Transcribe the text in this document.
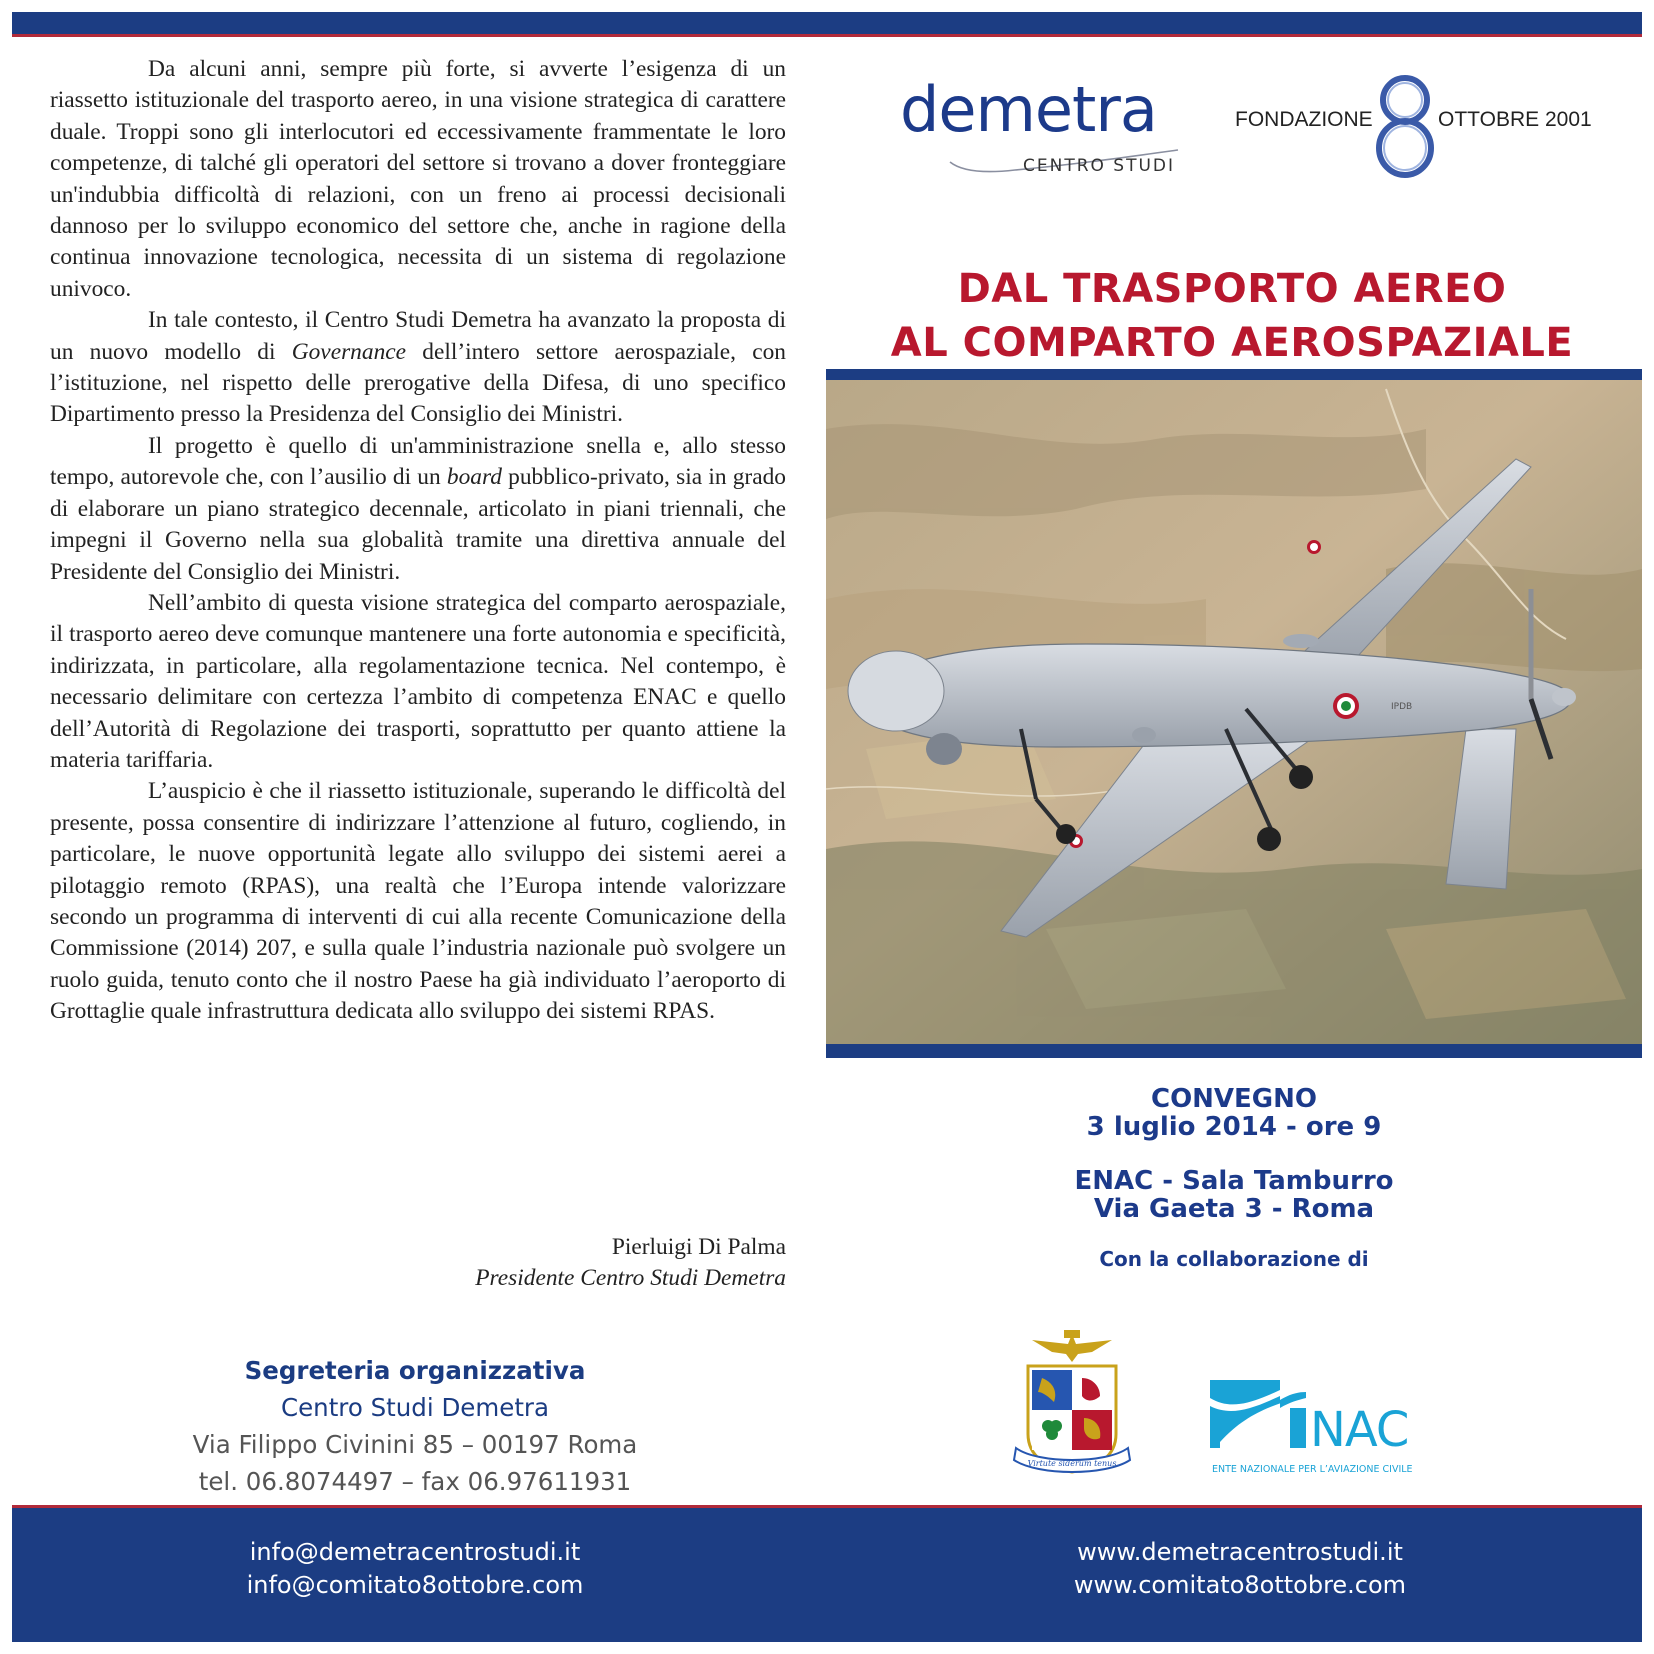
Da alcuni anni, sempre più forte, si avverte l’esigenza di un riassetto istituzionale del trasporto aereo, in una visione strategica di carattere duale. Troppi sono gli interlocutori ed eccessivamente frammentate le loro competenze, di talché gli operatori del settore si trovano a dover fronteggiare un'indubbia difficoltà di relazioni, con un freno ai processi decisionali dannoso per lo sviluppo economico del settore che, anche in ragione della continua innovazione tecnologica, necessita di un sistema di regolazione univoco.

In tale contesto, il Centro Studi Demetra ha avanzato la proposta di un nuovo modello di Governance dell’intero settore aerospaziale, con l’istituzione, nel rispetto delle prerogative della Difesa, di uno specifico Dipartimento presso la Presidenza del Consiglio dei Ministri.

Il progetto è quello di un'amministrazione snella e, allo stesso tempo, autorevole che, con l’ausilio di un board pubblico-privato, sia in grado di elaborare un piano strategico decennale, articolato in piani triennali, che impegni il Governo nella sua globalità tramite una direttiva annuale del Presidente del Consiglio dei Ministri.

Nell’ambito di questa visione strategica del comparto aerospaziale, il trasporto aereo deve comunque mantenere una forte autonomia e specificità, indirizzata, in particolare, alla regolamentazione tecnica. Nel contempo, è necessario delimitare con certezza l’ambito di competenza ENAC e quello dell’Autorità di Regolazione dei trasporti, soprattutto per quanto attiene la materia tariffaria.

L’auspicio è che il riassetto istituzionale, superando le difficoltà del presente, possa consentire di indirizzare l’attenzione al futuro, cogliendo, in particolare, le nuove opportunità legate allo sviluppo dei sistemi aerei a pilotaggio remoto (RPAS), una realtà che l’Europa intende valorizzare secondo un programma di interventi di cui alla recente Comunicazione della Commissione (2014) 207, e sulla quale l’industria nazionale può svolgere un ruolo guida, tenuto conto che il nostro Paese ha già individuato l’aeroporto di Grottaglie quale infrastruttura dedicata allo sviluppo dei sistemi RPAS.

Pierluigi Di Palma
Presidente Centro Studi Demetra
Segreteria organizzativa
Centro Studi Demetra
Via Filippo Civinini 85 – 00197 Roma
tel. 06.8074497 – fax 06.97611931
demetra
CENTRO STUDI
FONDAZIONE	OTTOBRE 2001
DAL TRASPORTO AEREO
AL COMPARTO AEROSPAZIALE
IPDB
CONVEGNO
3 luglio 2014 - ore 9
ENAC - Sala Tamburro
Via Gaeta 3 - Roma
Con la collaborazione di
Virtute siderum tenus
NAC
ENTE NAZIONALE PER L’AVIAZIONE CIVILE
info@demetracentrostudi.it
info@comitato8ottobre.com
www.demetracentrostudi.it
www.comitato8ottobre.com
